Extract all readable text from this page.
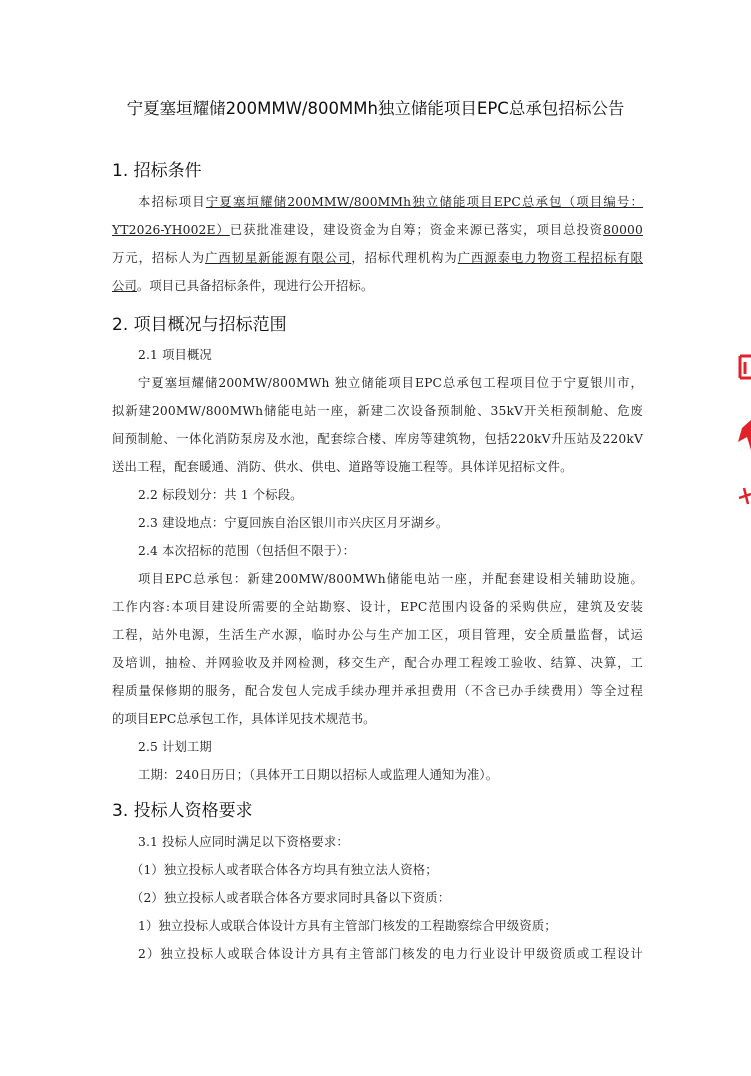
宁夏塞垣耀储200MMW/800MMh独立储能项目EPC总承包招标公告
1. 招标条件
本招标项目宁夏塞垣耀储200MMW/800MMh独立储能项目EPC总承包（项目编号：
YT2026-YH002E）已获批准建设，建设资金为自筹；资金来源已落实，项目总投资80000
万元，招标人为广西韧星新能源有限公司，招标代理机构为广西源泰电力物资工程招标有限
公司。项目已具备招标条件，现进行公开招标。
2. 项目概况与招标范围
2.1 项目概况
宁夏塞垣耀储200MW/800MWh 独立储能项目EPC总承包工程项目位于宁夏银川市，
拟新建200MW/800MWh储能电站一座，新建二次设备预制舱、35kV开关柜预制舱、危废
间预制舱、一体化消防泵房及水池，配套综合楼、库房等建筑物，包括220kV升压站及220kV
送出工程，配套暖通、消防、供水、供电、道路等设施工程等。具体详见招标文件。
2.2 标段划分：共 1 个标段。
2.3 建设地点：宁夏回族自治区银川市兴庆区月牙湖乡。
2.4 本次招标的范围（包括但不限于）：
项目EPC总承包：新建200MW/800MWh储能电站一座，并配套建设相关辅助设施。
工作内容:本项目建设所需要的全站勘察、设计，EPC范围内设备的采购供应，建筑及安装
工程，站外电源，生活生产水源，临时办公与生产加工区，项目管理，安全质量监督，试运
及培训，抽检、并网验收及并网检测，移交生产，配合办理工程竣工验收、结算、决算，工
程质量保修期的服务，配合发包人完成手续办理并承担费用（不含已办手续费用）等全过程
的项目EPC总承包工作，具体详见技术规范书。
2.5 计划工期
工期：240日历日；（具体开工日期以招标人或监理人通知为准）。
3. 投标人资格要求
3.1 投标人应同时满足以下资格要求：
（1）独立投标人或者联合体各方均具有独立法人资格；
（2）独立投标人或者联合体各方要求同时具备以下资质：
1）独立投标人或联合体设计方具有主管部门核发的工程勘察综合甲级资质；
2）独立投标人或联合体设计方具有主管部门核发的电力行业设计甲级资质或工程设计
